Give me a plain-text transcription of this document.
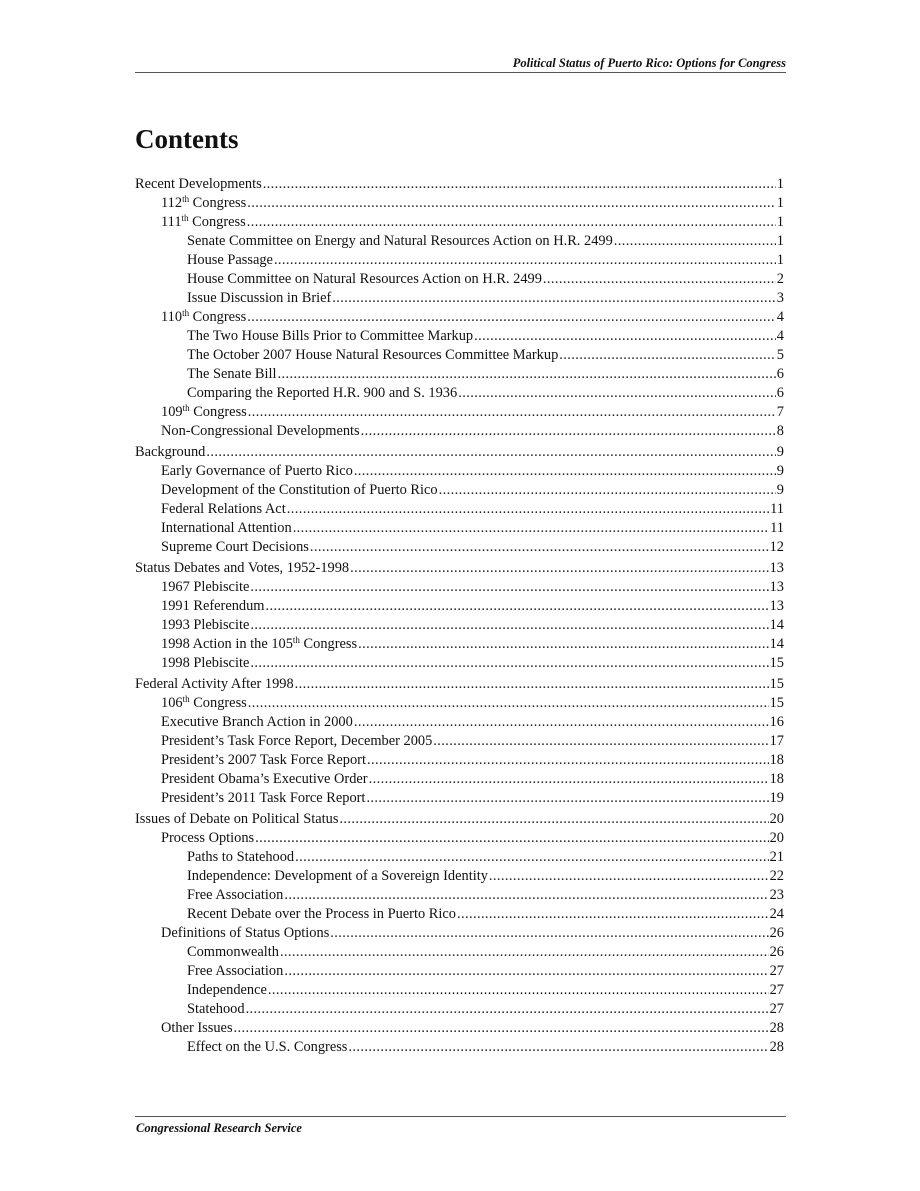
Political Status of Puerto Rico: Options for Congress
Contents
Recent Developments .....	1
112th Congress .....	1
111th Congress .....	1
Senate Committee on Energy and Natural Resources Action on H.R. 2499 .....	1
House Passage .....	1
House Committee on Natural Resources Action on H.R. 2499 .....	2
Issue Discussion in Brief .....	3
110th Congress .....	4
The Two House Bills Prior to Committee Markup .....	4
The October 2007 House Natural Resources Committee Markup .....	5
The Senate Bill .....	6
Comparing the Reported H.R. 900 and S. 1936 .....	6
109th Congress .....	7
Non-Congressional Developments .....	8
Background .....	9
Early Governance of Puerto Rico .....	9
Development of the Constitution of Puerto Rico .....	9
Federal Relations Act .....	11
International Attention .....	11
Supreme Court Decisions .....	12
Status Debates and Votes, 1952-1998 .....	13
1967 Plebiscite .....	13
1991 Referendum .....	13
1993 Plebiscite .....	14
1998 Action in the 105th Congress .....	14
1998 Plebiscite .....	15
Federal Activity After 1998 .....	15
106th Congress .....	15
Executive Branch Action in 2000 .....	16
President’s Task Force Report, December 2005 .....	17
President’s 2007 Task Force Report .....	18
President Obama’s Executive Order .....	18
President’s 2011 Task Force Report .....	19
Issues of Debate on Political Status .....	20
Process Options .....	20
Paths to Statehood .....	21
Independence: Development of a Sovereign Identity .....	22
Free Association .....	23
Recent Debate over the Process in Puerto Rico .....	24
Definitions of Status Options .....	26
Commonwealth .....	26
Free Association .....	27
Independence .....	27
Statehood .....	27
Other Issues .....	28
Effect on the U.S. Congress .....	28
Congressional Research Service
